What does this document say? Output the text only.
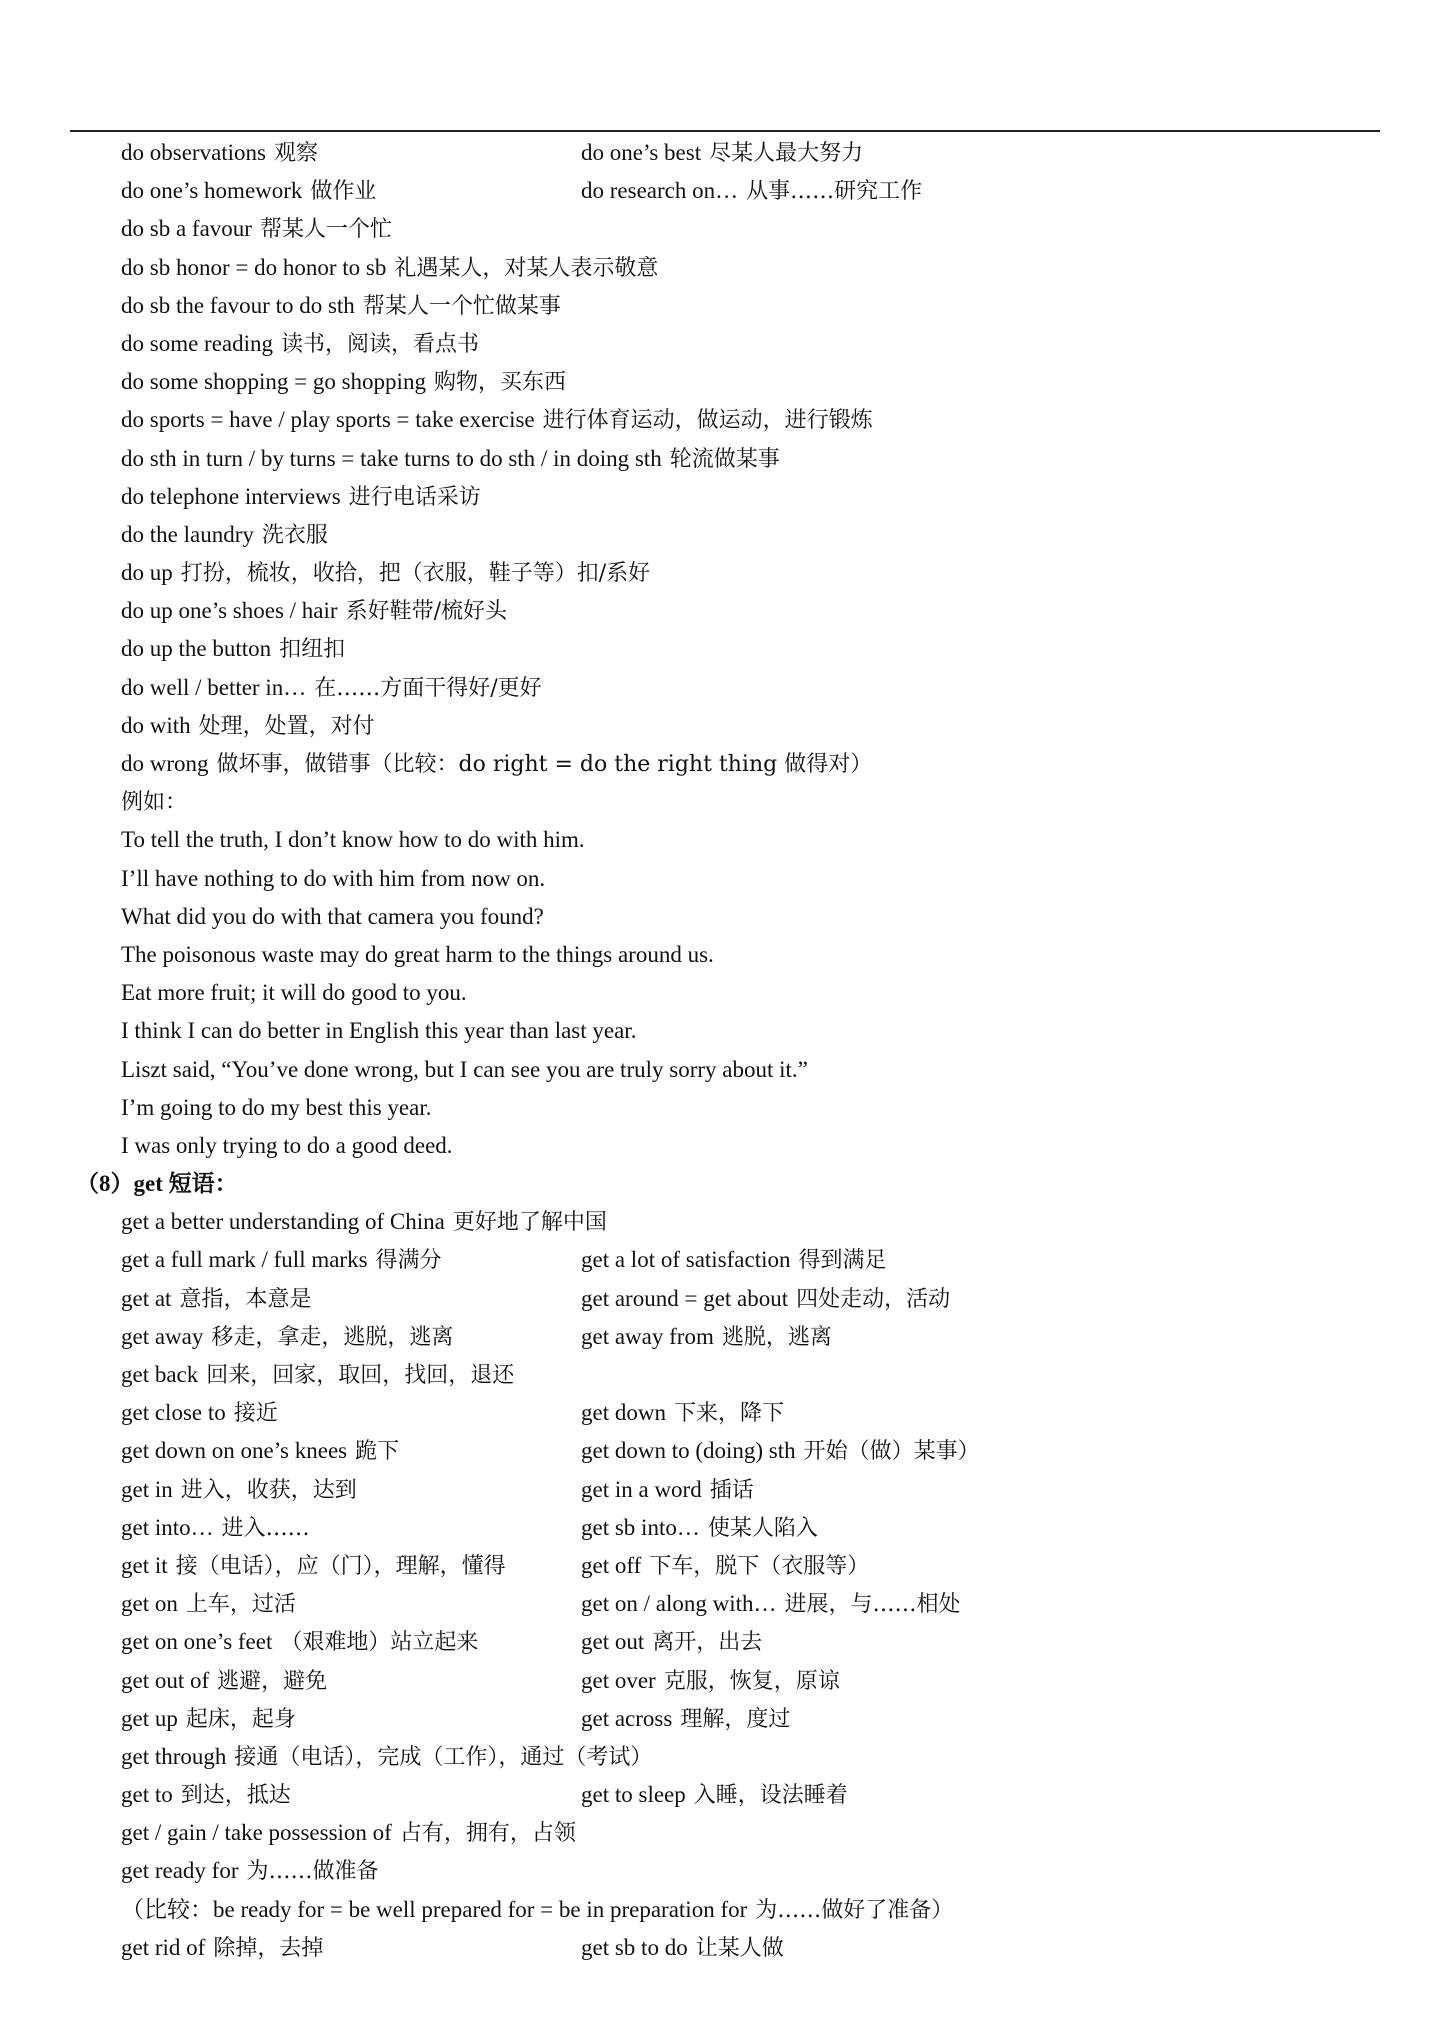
do observations 观察	do one’s best 尽某人最大努力
do one’s homework 做作业	do research on… 从事……研究工作
do sb a favour 帮某人一个忙
do sb honor = do honor to sb 礼遇某人，对某人表示敬意
do sb the favour to do sth 帮某人一个忙做某事
do some reading 读书，阅读，看点书
do some shopping = go shopping 购物，买东西
do sports = have / play sports = take exercise 进行体育运动，做运动，进行锻炼
do sth in turn / by turns = take turns to do sth / in doing sth 轮流做某事
do telephone interviews 进行电话采访
do the laundry 洗衣服
do up 打扮，梳妆，收拾，把（衣服，鞋子等）扣/系好
do up one’s shoes / hair 系好鞋带/梳好头
do up the button 扣纽扣
do well / better in… 在……方面干得好/更好
do with 处理，处置，对付
do wrong 做坏事，做错事（比较：do right = do the right thing 做得对）
例如：
To tell the truth, I don’t know how to do with him.
I’ll have nothing to do with him from now on.
What did you do with that camera you found?
The poisonous waste may do great harm to the things around us.
Eat more fruit; it will do good to you.
I think I can do better in English this year than last year.
Liszt said, “You’ve done wrong, but I can see you are truly sorry about it.”
I’m going to do my best this year.
I was only trying to do a good deed.
（8）get 短语：
get a better understanding of China 更好地了解中国
get a full mark / full marks 得满分	get a lot of satisfaction 得到满足
get at 意指，本意是	get around = get about 四处走动，活动
get away 移走，拿走，逃脱，逃离	get away from 逃脱，逃离
get back 回来，回家，取回，找回，退还
get close to 接近	get down 下来，降下
get down on one’s knees 跪下	get down to (doing) sth 开始（做）某事）
get in 进入，收获，达到	get in a word 插话
get into… 进入……	get sb into… 使某人陷入
get it 接（电话），应（门），理解，懂得	get off 下车，脱下（衣服等）
get on 上车，过活	get on / along with… 进展，与……相处
get on one’s feet （艰难地）站立起来	get out 离开，出去
get out of 逃避，避免	get over 克服，恢复，原谅
get up 起床，起身	get across 理解，度过
get through 接通（电话），完成（工作），通过（考试）
get to 到达，抵达	get to sleep 入睡，设法睡着
get / gain / take possession of 占有，拥有，占领
get ready for 为……做准备
（比较：be ready for = be well prepared for = be in preparation for 为……做好了准备）
get rid of 除掉，去掉	get sb to do 让某人做
